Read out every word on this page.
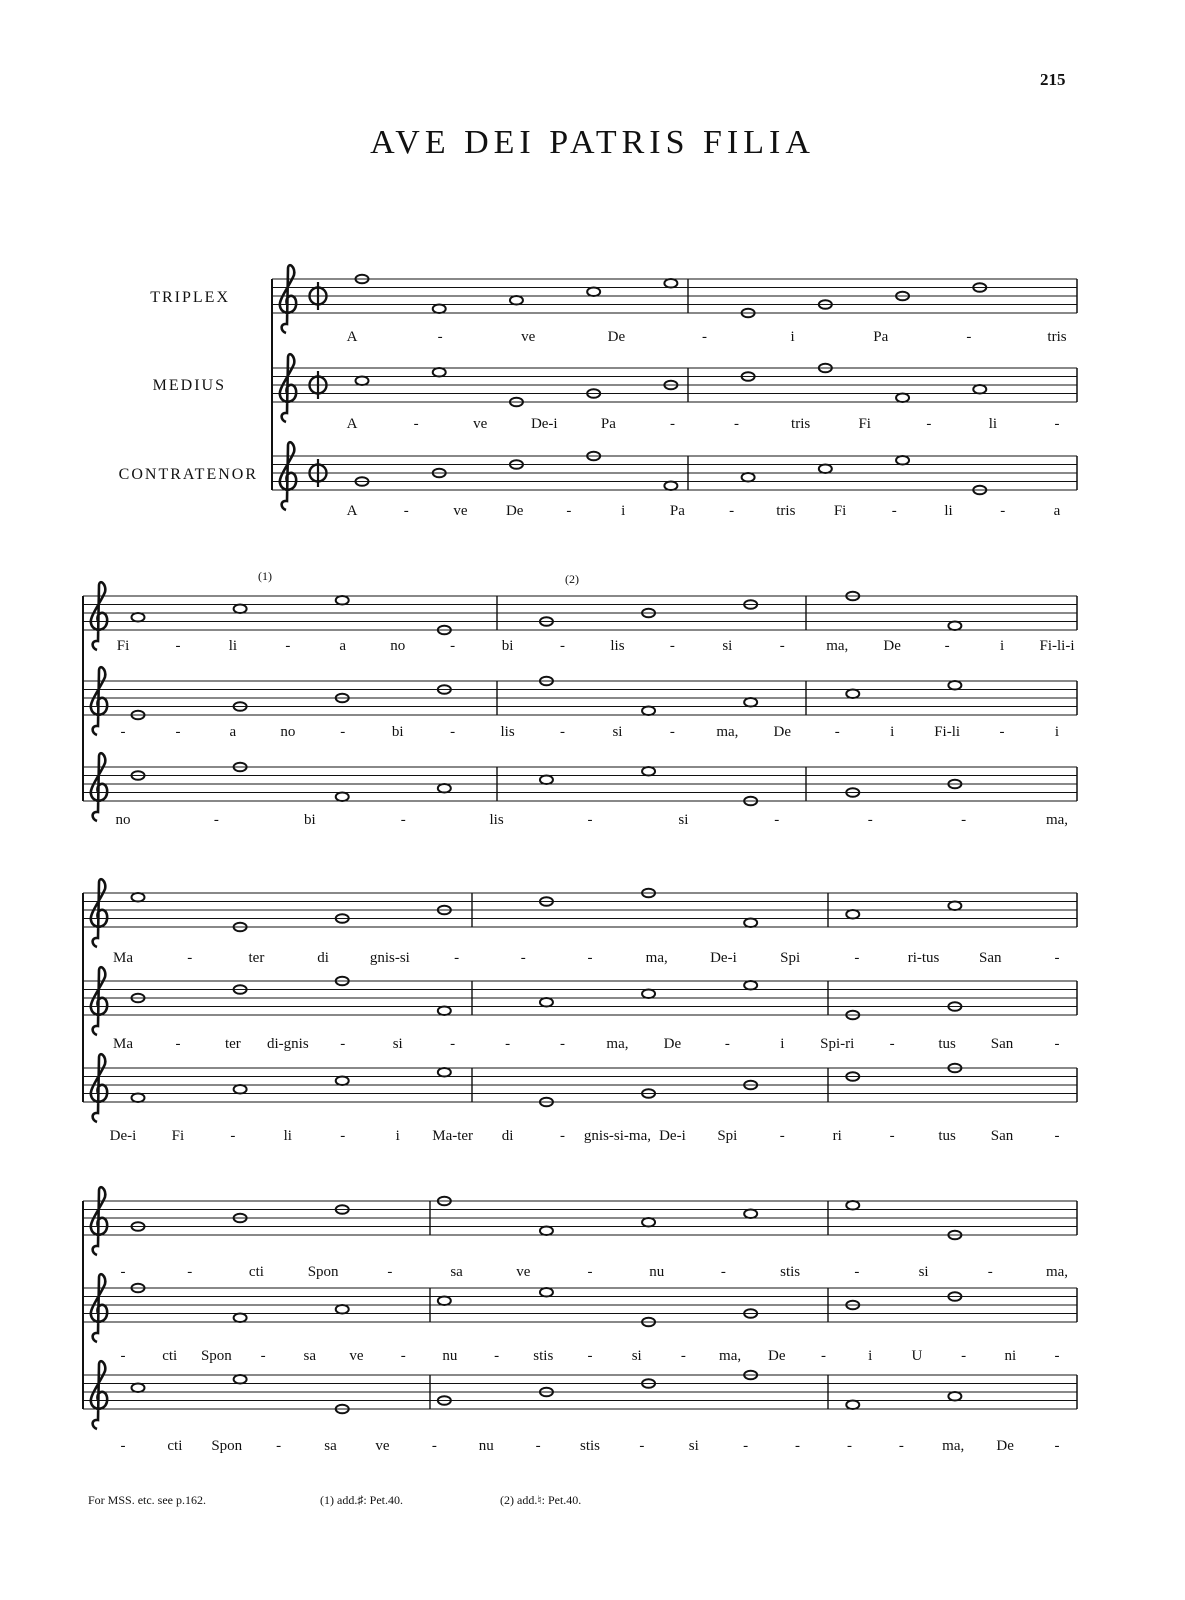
215
AVE DEI PATRIS FILIA
TRIPLEX
MEDIUS
CONTRATENOR
A	-	ve	De	-	i	Pa	-	tris
A	-	ve	De-i	Pa	-	-	tris	Fi	-	li	-
A	-	ve	De	-	i	Pa	-	tris	Fi	-	li	-	a
Fi	-	li	-	a	no	-	bi	-	lis	-	si	-	ma, De	-	i Fi-li-i
-	-	a	no	-	bi	-	lis	-	si	-	ma, De	-	i	Fi-li	-	i
no	-	bi	-	lis	-	si	-	-	-	ma,
Ma	-	ter	di	gnis-si	-	-	-	ma,	De-i	Spi	-	ri-tus	San	-
Ma	-	ter di-gnis -	si	-	-	-	ma, De	-	i Spi-ri -	tus San	-
De-i Fi	-	li	-	i Ma-ter di	- gnis-si-ma, De-i Spi	-	ri	-	tus San	-
-	-	cti	Spon	-	sa	ve	-	nu	-	stis	-	si	-	ma,
- cti Spon -	sa ve - nu - stis -	si	- ma, De -	i	U	-	ni	-
-	cti Spon -	sa	ve	-	nu	-	stis	-	si	-	-	-	-	ma, De	-
(1)	(2)
For MSS. etc. see p.162.	(1) add.♯: Pet.40.	(2) add.♮: Pet.40.
